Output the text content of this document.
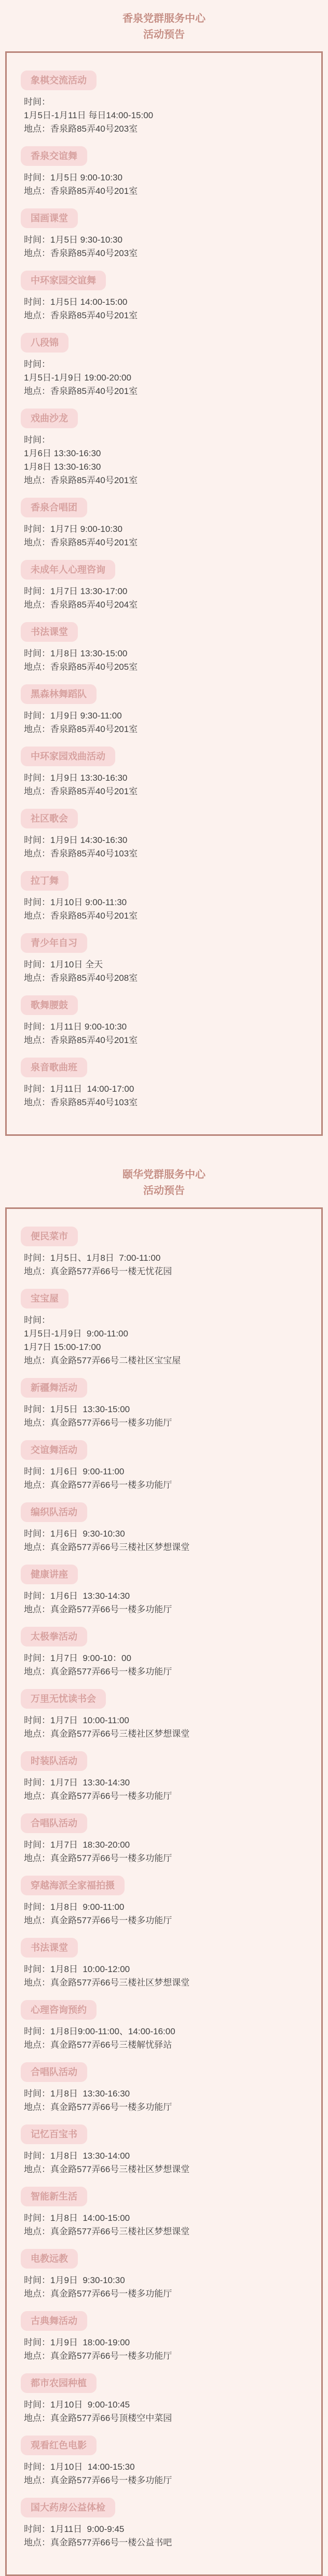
香泉党群服务中心
活动预告
象棋交流活动

时间：

1月5日-1月11日 每日14:00-15:00

地点：香泉路85弄40号203室

香泉交谊舞

时间：1月5日 9:00-10:30

地点：香泉路85弄40号201室

国画课堂

时间：1月5日 9:30-10:30

地点：香泉路85弄40号203室

中环家园交谊舞

时间：1月5日 14:00-15:00

地点：香泉路85弄40号201室

八段锦

时间：

1月5日-1月9日 19:00-20:00

地点：香泉路85弄40号201室

戏曲沙龙

时间：

1月6日 13:30-16:30

1月8日 13:30-16:30

地点：香泉路85弄40号201室

香泉合唱团

时间：1月7日 9:00-10:30

地点：香泉路85弄40号201室

未成年人心理咨询

时间：1月7日 13:30-17:00

地点：香泉路85弄40号204室

书法课堂

时间：1月8日 13:30-15:00

地点：香泉路85弄40号205室

黑森林舞蹈队

时间：1月9日 9:30-11:00

地点：香泉路85弄40号201室

中环家园戏曲活动

时间：1月9日 13:30-16:30

地点：香泉路85弄40号201室

社区歌会

时间：1月9日 14:30-16:30

地点：香泉路85弄40号103室

拉丁舞

时间：1月10日 9:00-11:30

地点：香泉路85弄40号201室

青少年自习

时间：1月10日 全天

地点：香泉路85弄40号208室

歌舞腰鼓

时间：1月11日 9:00-10:30

地点：香泉路85弄40号201室

泉音歌曲班

时间：1月11日  14:00-17:00

地点：香泉路85弄40号103室

颐华党群服务中心
活动预告
便民菜市

时间：1月5日、1月8日  7:00-11:00

地点：真金路577弄66号一楼无忧花园

宝宝屋

时间：

1月5日-1月9日  9:00-11:00

1月7日 15:00-17:00

地点：真金路577弄66号二楼社区宝宝屋

新疆舞活动

时间：1月5日  13:30-15:00

地点：真金路577弄66号一楼多功能厅

交谊舞活动

时间：1月6日  9:00-11:00

地点：真金路577弄66号一楼多功能厅

编织队活动

时间：1月6日  9:30-10:30

地点：真金路577弄66号三楼社区梦想课堂

健康讲座

时间：1月6日  13:30-14:30

地点：真金路577弄66号一楼多功能厅

太极拳活动

时间：1月7日  9:00-10：00

地点：真金路577弄66号一楼多功能厅

万里无忧读书会

时间：1月7日  10:00-11:00

地点：真金路577弄66号三楼社区梦想课堂

时装队活动

时间：1月7日  13:30-14:30

地点：真金路577弄66号一楼多功能厅

合唱队活动

时间：1月7日  18:30-20:00

地点：真金路577弄66号一楼多功能厅

穿越海派全家福拍摄

时间：1月8日  9:00-11:00

地点：真金路577弄66号一楼多功能厅

书法课堂

时间：1月8日  10:00-12:00

地点：真金路577弄66号三楼社区梦想课堂

心理咨询预约

时间：1月8日9:00-11:00、14:00-16:00

地点：真金路577弄66号三楼解忧驿站

合唱队活动

时间：1月8日  13:30-16:30

地点：真金路577弄66号一楼多功能厅

记忆百宝书

时间：1月8日  13:30-14:00

地点：真金路577弄66号三楼社区梦想课堂

智能新生活

时间：1月8日  14:00-15:00

地点：真金路577弄66号三楼社区梦想课堂

电教远教

时间：1月9日  9:30-10:30

地点：真金路577弄66号一楼多功能厅

古典舞活动

时间：1月9日  18:00-19:00

地点：真金路577弄66号一楼多功能厅

都市农园种植

时间：1月10日  9:00-10:45

地点：真金路577弄66号顶楼空中菜园

观看红色电影

时间：1月10日  14:00-15:30

地点：真金路577弄66号一楼多功能厅

国大药房公益体检

时间：1月11日  9:00-9:45

地点：真金路577弄66号一楼公益书吧
